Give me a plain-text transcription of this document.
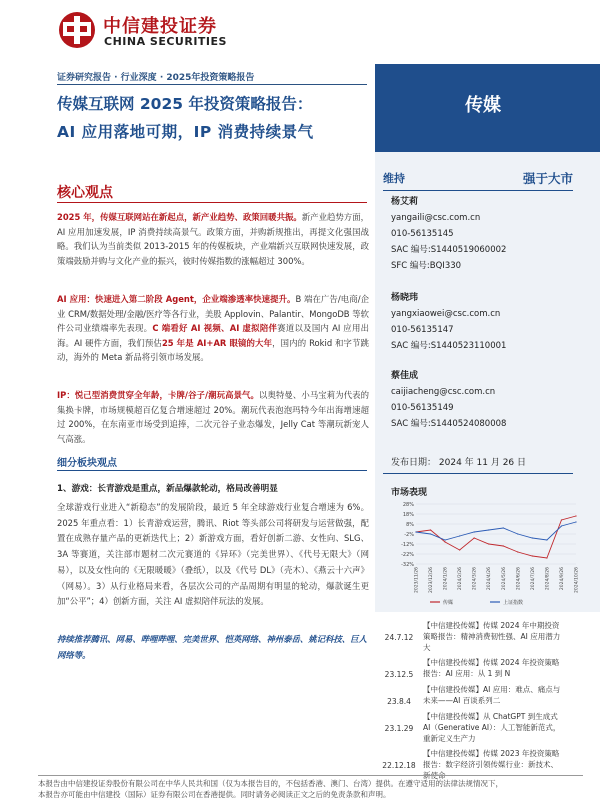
中信建投证券
CHINA SECURITIES
证券研究报告 · 行业深度 · 2025年投资策略报告
传媒互联网 2025 年投资策略报告：
AI 应用落地可期，IP 消费持续景气
传媒
维持	强于大市
杨艾莉
yangaili@csc.com.cn
010-56135145
SAC 编号:S1440519060002
SFC 编号:BQI330
杨晓玮
yangxiaowei@csc.com.cn
010-56135147
SAC 编号:S1440523110001
蔡佳成
caijiacheng@csc.com.cn
010-56135149
SAC 编号:S1440524080008
发布日期： 2024 年 11 月 26 日
市场表现
28%
18%
8%
-2%
-12%
-22%
-32%
2023/11/26 2023/12/26 2024/1/26 2024/2/26 2024/3/26 2024/4/26 2024/5/26 2024/6/26 2024/7/26 2024/8/26 2024/9/26 2024/10/26
传媒	上证指数
24.7.12
【中信建投传媒】传媒 2024 年中期投资策略报告：精神消费韧性强、AI 应用潜力大
23.12.5
【中信建投传媒】传媒 2024 年投资策略报告：AI 应用：从 1 到 N
23.8.4
【中信建投传媒】AI 应用：难点、痛点与未来——AI 百谈系列二
23.1.29
【中信建投传媒】从 ChatGPT 到生成式 AI（Generative AI）：人工智能新范式，重新定义生产力
22.12.18
【中信建投传媒】传媒 2023 年投资策略报告：数字经济引领传媒行业：新技术、
核心观点
2025 年，传媒互联网站在新起点，新产业趋势、政策回暖共振。新产业趋势方面，AI 应用加速发展，IP 消费持续高景气。政策方面，并购新规推出，再提文化强国战略。我们认为当前类似 2013-2015 年的传媒板块，产业端新兴互联网快速发展，政策端鼓励并购与文化产业的振兴，彼时传媒指数的涨幅超过 300%。
AI 应用：快速进入第二阶段 Agent，企业端渗透率快速提升。B 端在广告/电商/企业 CRM/数据处理/金融/医疗等各行业，美股 Applovin、Palantir、MongoDB 等软件公司业绩端率先表现。C 端看好 AI 视频、AI 虚拟陪伴赛道以及国内 AI 应用出海。AI 硬件方面，我们预估25 年是 AI+AR 眼镜的大年，国内的 Rokid 和字节跳动，海外的 Meta 新品将引领市场发展。
IP：悦己型消费贯穿全年龄，卡牌/谷子/潮玩高景气。以奥特曼、小马宝莉为代表的集换卡牌，市场规模超百亿复合增速超过 20%。潮玩代表泡泡玛特今年出海增速超过 200%，在东南亚市场受到追捧，二次元谷子业态爆发，Jelly Cat 等潮玩新宠人气高涨。
细分板块观点
1、游戏：长青游戏是重点，新品爆款轮动，格局改善明显
全球游戏行业进入“新稳态”的发展阶段，最近 5 年全球游戏行业复合增速为 6%。2025 年重点看：1）长青游戏运营，腾讯、Riot 等头部公司将研发与运营做强，配置在成熟存量产品的更新迭代上；2）新游戏方面，看好创新二游、女性向、SLG、3A 等赛道，关注部市题材二次元赛道的《异环》（完美世界）、《代号无限大》（网易），以及女性向的《无限暖暖》（叠纸），以及《代号 DL》（壳木）、《燕云十六声》（网易）。3）从行业格局来看，各层次公司的产品周期有明显的轮动，爆款诞生更加“公平”；4）创新方面，关注 AI 虚拟陪伴玩法的发展。
持续推荐腾讯、网易、哔哩哔哩、完美世界、恺英网络、神州泰岳、姚记科技、巨人网络等。
本报告由中信建投证券股份有限公司在中华人民共和国（仅为本报告目的，不包括香港、澳门、台湾）提供。在遵守适用的法律法规情况下，
本报告亦可能由中信建投（国际）证券有限公司在香港提供。同时请务必阅读正文之后的免责条款和声明。
